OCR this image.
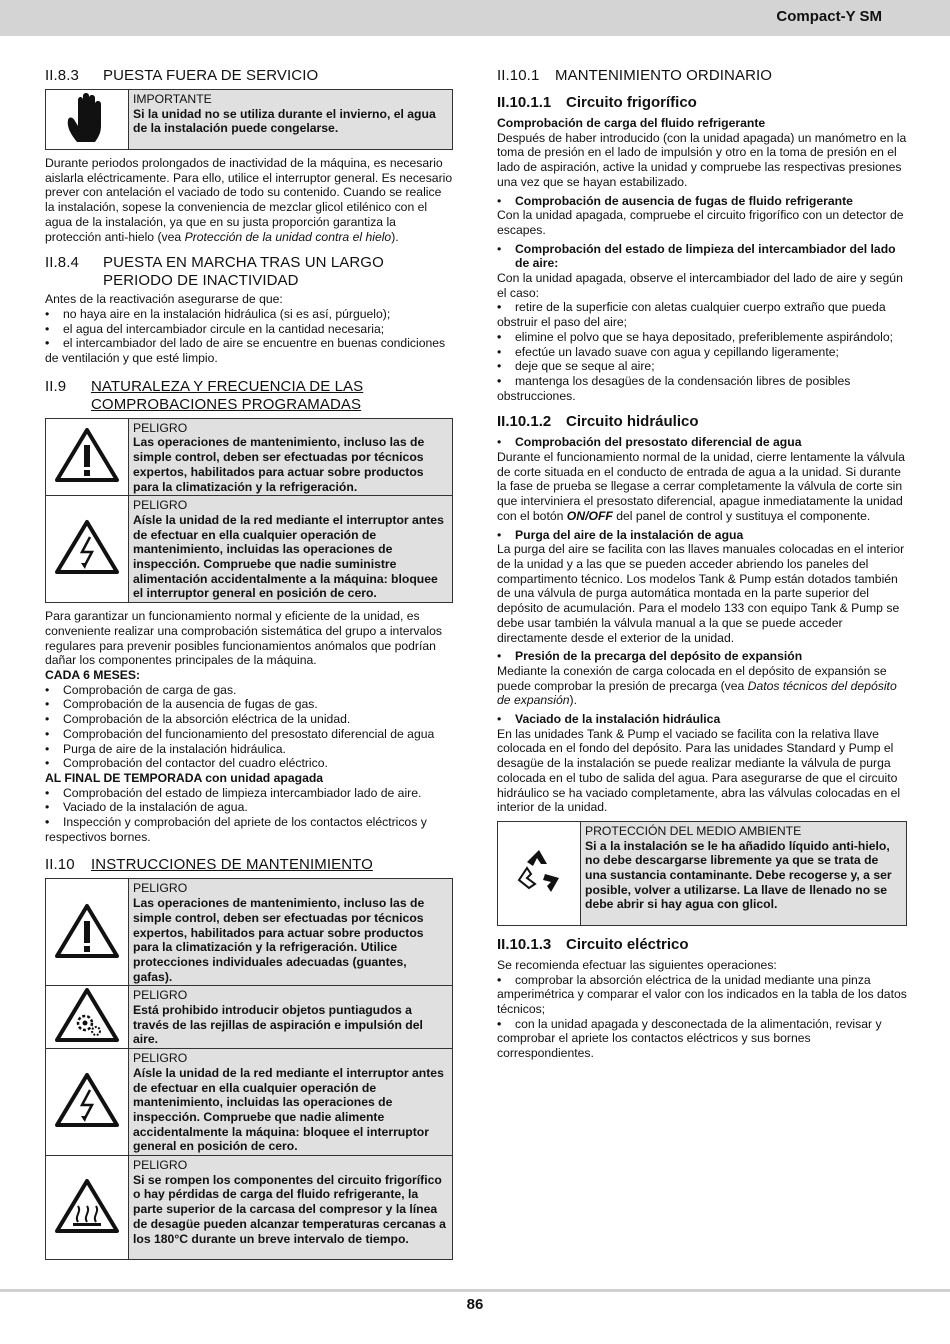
Compact-Y SM
II.8.3	PUESTA FUERA DE SERVICIO

IMPORTANTE
Si la unidad no se utiliza durante el invierno, el agua de la instalación puede congelarse.

Durante periodos prolongados de inactividad de la máquina, es necesario aislarla eléctricamente. Para ello, utilice el interruptor general. Es necesario prever con antelación el vaciado de todo su contenido. Cuando se realice la instalación, sopese la conveniencia de mezclar glicol etilénico con el agua de la instalación, ya que en su justa proporción garantiza la protección anti-hielo (vea Protección de la unidad contra el hielo).

II.8.4	PUESTA EN MARCHA TRAS UN LARGO PERIODO DE INACTIVIDAD

Antes de la reactivación asegurarse de que:

• no haya aire en la instalación hidráulica (si es así, púrguelo);
• el agua del intercambiador circule en la cantidad necesaria;
• • el intercambiador del lado de aire se encuentre en buenas condiciones de ventilación y que esté limpio.
II.9	NATURALEZA Y FRECUENCIA DE LAS COMPROBACIONES PROGRAMADAS

PELIGRO
Las operaciones de mantenimiento, incluso las de simple control, deben ser efectuadas por técnicos expertos, habilitados para actuar sobre productos para la climatización y la refrigeración.

PELIGRO
Aísle la unidad de la red mediante el interruptor antes de efectuar en ella cualquier operación de mantenimiento, incluidas las operaciones de inspección. Compruebe que nadie suministre alimentación accidentalmente a la máquina: bloquee el interruptor general en posición de cero.

Para garantizar un funcionamiento normal y eficiente de la unidad, es conveniente realizar una comprobación sistemática del grupo a intervalos regulares para prevenir posibles funcionamientos anómalos que podrían dañar los componentes principales de la máquina.

CADA 6 MESES:

• Comprobación de carga de gas.
• Comprobación de la ausencia de fugas de gas.
• Comprobación de la absorción eléctrica de la unidad.
• Comprobación del funcionamiento del presostato diferencial de agua
• Purga de aire de la instalación hidráulica.
• Comprobación del contactor del cuadro eléctrico.

AL FINAL DE TEMPORADA con unidad apagada

• Comprobación del estado de limpieza intercambiador lado de aire.
• Vaciado de la instalación de agua.
• • Inspección y comprobación del apriete de los contactos eléctricos y respectivos bornes.
II.10	INSTRUCCIONES DE MANTENIMIENTO

PELIGRO
Las operaciones de mantenimiento, incluso las de simple control, deben ser efectuadas por técnicos expertos, habilitados para actuar sobre productos para la climatización y la refrigeración. Utilice protecciones individuales adecuadas (guantes, gafas).

PELIGRO
Está prohibido introducir objetos puntiagudos a través de las rejillas de aspiración e impulsión del aire.

PELIGRO
Aísle la unidad de la red mediante el interruptor antes de efectuar en ella cualquier operación de mantenimiento, incluidas las operaciones de inspección. Compruebe que nadie alimente accidentalmente la máquina: bloquee el interruptor general en posición de cero.

PELIGRO
Si se rompen los componentes del circuito frigorífico o hay pérdidas de carga del fluido refrigerante, la parte superior de la carcasa del compresor y la línea de desagüe pueden alcanzar temperaturas cercanas a los 180°C durante un breve intervalo de tiempo.
II.10.1	MANTENIMIENTO ORDINARIO
II.10.1.1 Circuito frigorífico

Comprobación de carga del fluido refrigerante

Después de haber introducido (con la unidad apagada) un manómetro en la toma de presión en el lado de impulsión y otro en la toma de presión en el lado de aspiración, active la unidad y compruebe las respectivas presiones una vez que se hayan estabilizado.

• Comprobación de ausencia de fugas de fluido refrigerante

Con la unidad apagada, compruebe el circuito frigorífico con un detector de escapes.

• Comprobación del estado de limpieza del intercambiador del lado de aire:

Con la unidad apagada, observe el intercambiador del lado de aire y según el caso:

• • retire de la superficie con aletas cualquier cuerpo extraño que pueda obstruir el paso del aire;
• • elimine el polvo que se haya depositado, preferiblemente aspirándolo;
• efectúe un lavado suave con agua y cepillando ligeramente;
• deje que se seque al aire;
• • mantenga los desagües de la condensación libres de posibles obstrucciones.
II.10.1.2 Circuito hidráulico
• Comprobación del presostato diferencial de agua

Durante el funcionamiento normal de la unidad, cierre lentamente la válvula de corte situada en el conducto de entrada de agua a la unidad. Si durante la fase de prueba se llegase a cerrar completamente la válvula de corte sin que interviniera el presostato diferencial, apague inmediatamente la unidad con el botón ON/OFF del panel de control y sustituya el componente.

• Purga del aire de la instalación de agua

La purga del aire se facilita con las llaves manuales colocadas en el interior de la unidad y a las que se pueden acceder abriendo los paneles del compartimento técnico. Los modelos Tank & Pump están dotados también de una válvula de purga automática montada en la parte superior del depósito de acumulación. Para el modelo 133 con equipo Tank & Pump se debe usar también la válvula manual a la que se puede acceder directamente desde el exterior de la unidad.

• Presión de la precarga del depósito de expansión

Mediante la conexión de carga colocada en el depósito de expansión se puede comprobar la presión de precarga (vea Datos técnicos del depósito de expansión).

• Vaciado de la instalación hidráulica

En las unidades Tank & Pump el vaciado se facilita con la relativa llave colocada en el fondo del depósito. Para las unidades Standard y Pump el desagüe de la instalación se puede realizar mediante la válvula de purga colocada en el tubo de salida del agua. Para asegurarse de que el circuito hidráulico se ha vaciado completamente, abra las válvulas colocadas en el interior de la unidad.

PROTECCIÓN DEL MEDIO AMBIENTE
Si a la instalación se le ha añadido líquido anti-hielo, no debe descargarse libremente ya que se trata de una sustancia contaminante. Debe recogerse y, a ser posible, volver a utilizarse. La llave de llenado no se debe abrir si hay agua con glicol.
II.10.1.3 Circuito eléctrico

Se recomienda efectuar las siguientes operaciones:

• • comprobar la absorción eléctrica de la unidad mediante una pinza amperimétrica y comparar el valor con los indicados en la tabla de los datos técnicos;
• • con la unidad apagada y desconectada de la alimentación, revisar y comprobar el apriete los contactos eléctricos y sus bornes correspondientes.
86
